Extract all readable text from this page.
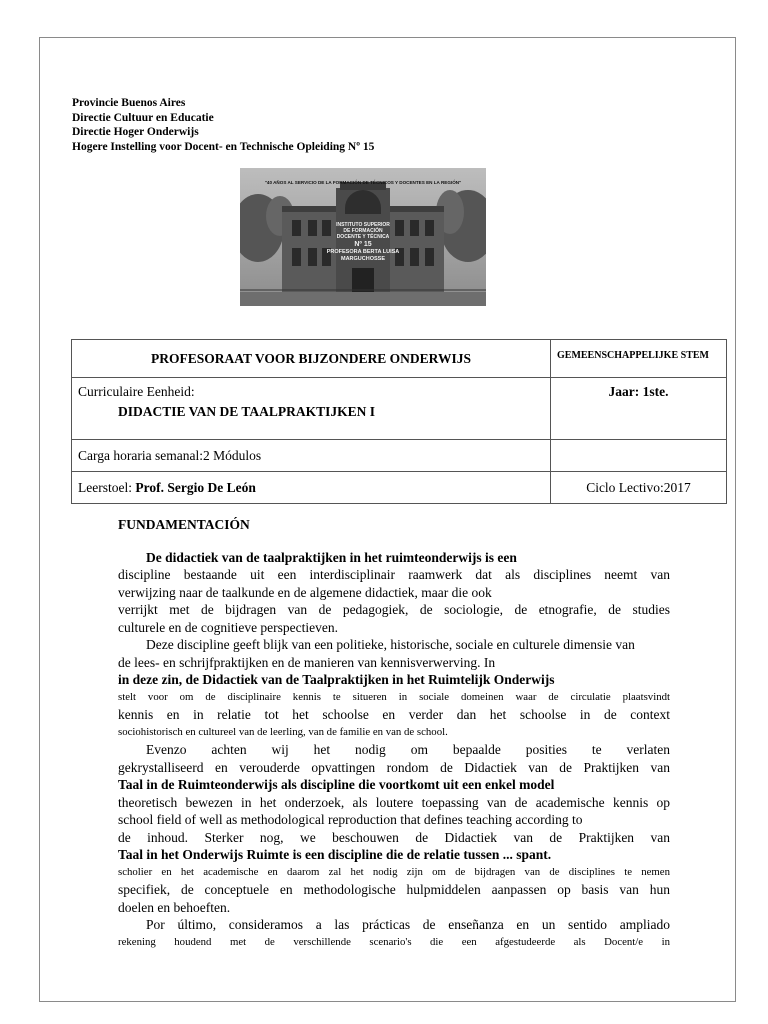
Provincie Buenos Aires
Directie Cultuur en Educatie
Directie Hoger Onderwijs
Hogere Instelling voor Docent- en Technische Opleiding Nº 15
"40 AÑOS AL SERVICIO DE LA FORMACIÓN DE TÉCNICOS Y DOCENTES EN LA REGIÓN"
INSTITUTO SUPERIOR
DE FORMACIÓN
DOCENTE Y TÉCNICA
Nº 15
PROFESORA BERTA LUISA
MARGUCHOSSE
PROFESORAAT VOOR BIJZONDERE ONDERWIJS	GEMEENSCHAPPELIJKE STEM

Curriculaire Eenheid:
DIDACTIE VAN DE TAALPRAKTIJKEN I	Jaar: 1ste.
Carga horaria semanal:2 Módulos	
Leerstoel: Prof. Sergio De León	Ciclo Lectivo:2017
FUNDAMENTACIÓN
De didactiek van de taalpraktijken in het ruimteonderwijs is een
discipline bestaande uit een interdisciplinair raamwerk dat als disciplines neemt van
verwijzing naar de taalkunde en de algemene didactiek, maar die ook
verrijkt met de bijdragen van de pedagogiek, de sociologie, de etnografie, de studies
culturele en de cognitieve perspectieven.
Deze discipline geeft blijk van een politieke, historische, sociale en culturele dimensie van
de lees- en schrijfpraktijken en de manieren van kennisverwerving. In
in deze zin, de Didactiek van de Taalpraktijken in het Ruimtelijk Onderwijs
stelt voor om de disciplinaire kennis te situeren in sociale domeinen waar de circulatie plaatsvindt
kennis en in relatie tot het schoolse en verder dan het schoolse in de context
sociohistorisch en cultureel van de leerling, van de familie en van de school.
Evenzo achten wij het nodig om bepaalde posities te verlaten
gekrystalliseerd en verouderde opvattingen rondom de Didactiek van de Praktijken van
Taal in de Ruimteonderwijs als discipline die voortkomt uit een enkel model
theoretisch bewezen in het onderzoek, als loutere toepassing van de academische kennis op
school field of well as methodological reproduction that defines teaching according to
de inhoud. Sterker nog, we beschouwen de Didactiek van de Praktijken van
Taal in het Onderwijs Ruimte is een discipline die de relatie tussen ... spant.
scholier en het academische en daarom zal het nodig zijn om de bijdragen van de disciplines te nemen
specifiek, de conceptuele en methodologische hulpmiddelen aanpassen op basis van hun
doelen en behoeften.
Por último, consideramos a las prácticas de enseñanza en un sentido ampliado
rekening houdend met de verschillende scenario's die een afgestudeerde als Docent/e in
